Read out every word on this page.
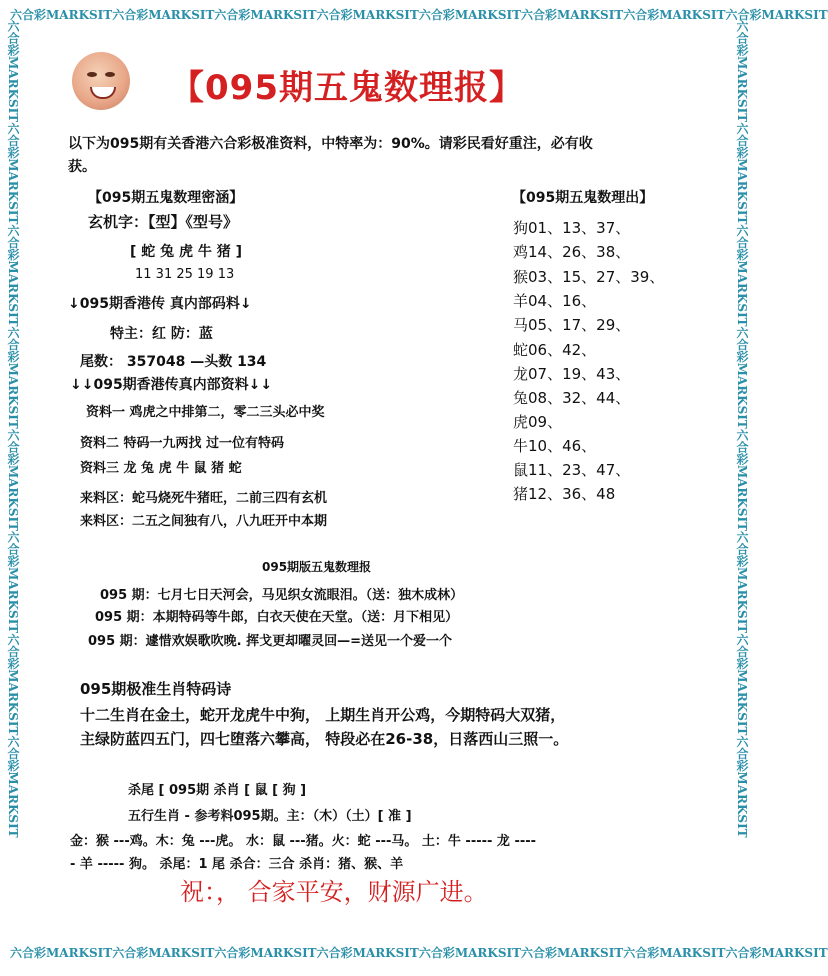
六合彩MARKSIT六合彩MARKSIT六合彩MARKSIT六合彩MARKSIT六合彩MARKSIT六合彩MARKSIT六合彩MARKSIT六合彩MARKSIT
六合彩MARKSIT六合彩MARKSIT六合彩MARKSIT六合彩MARKSIT六合彩MARKSIT六合彩MARKSIT六合彩MARKSIT六合彩MARKSIT
六合彩MARKSIT六合彩MARKSIT六合彩MARKSIT六合彩MARKSIT六合彩MARKSIT六合彩MARKSIT六合彩MARKSIT六合彩MARKSIT	六合彩MARKSIT六合彩MARKSIT六合彩MARKSIT六合彩MARKSIT六合彩MARKSIT六合彩MARKSIT六合彩MARKSIT六合彩MARKSIT
【095期五鬼数理报】
以下为095期有关香港六合彩极准资料，中特率为：90%。请彩民看好重注，必有收
获。
【095期五鬼数理密涵】
玄机字：【型】《型号》
[ 蛇 兔 虎 牛 猪 ]
11 31 25 19 13
↓095期香港传 真内部码料↓
特主：红 防：蓝
尾数： 357048 —头数 134
↓↓095期香港传真内部资料↓↓
资料一 鸡虎之中排第二，零二三头必中奖
资料二 特码一九两找 过一位有特码
资料三 龙 兔 虎 牛 鼠 猪 蛇
来料区：蛇马烧死牛猪旺，二前三四有玄机
来料区：二五之间独有八，八九旺开中本期
【095期五鬼数理出】
狗01、13、37、
鸡14、26、38、
猴03、15、27、39、
羊04、16、
马05、17、29、
蛇06、42、
龙07、19、43、
兔08、32、44、
虎09、
牛10、46、
鼠11、23、47、
猪12、36、48
095期版五鬼数理报
095 期：七月七日天河会，马见织女流眼泪。（送：独木成林）
095 期：本期特码等牛郎，白衣天使在天堂。（送：月下相见）
095 期：遽惜欢娱歌吹晚. 挥戈更却曜灵回—=送见一个爱一个
095期极准生肖特码诗
十二生肖在金土，蛇开龙虎牛中狗， 上期生肖开公鸡，今期特码大双猪，
主绿防蓝四五门，四七堕落六攀高， 特段必在26-38，日落西山三照一。
杀尾 [ 095期 杀肖 [ 鼠 [ 狗 ]
五行生肖 - 参考料095期。主：（木）（土）[ 准 ]
金：猴 ---鸡。木：兔 ---虎。 水：鼠 ---猪。火：蛇 ---马。 土：牛 ----- 龙 ----
- 羊 ----- 狗。 杀尾：1 尾 杀合：三合 杀肖：猪、猴、羊
祝：， 合家平安，财源广进。
